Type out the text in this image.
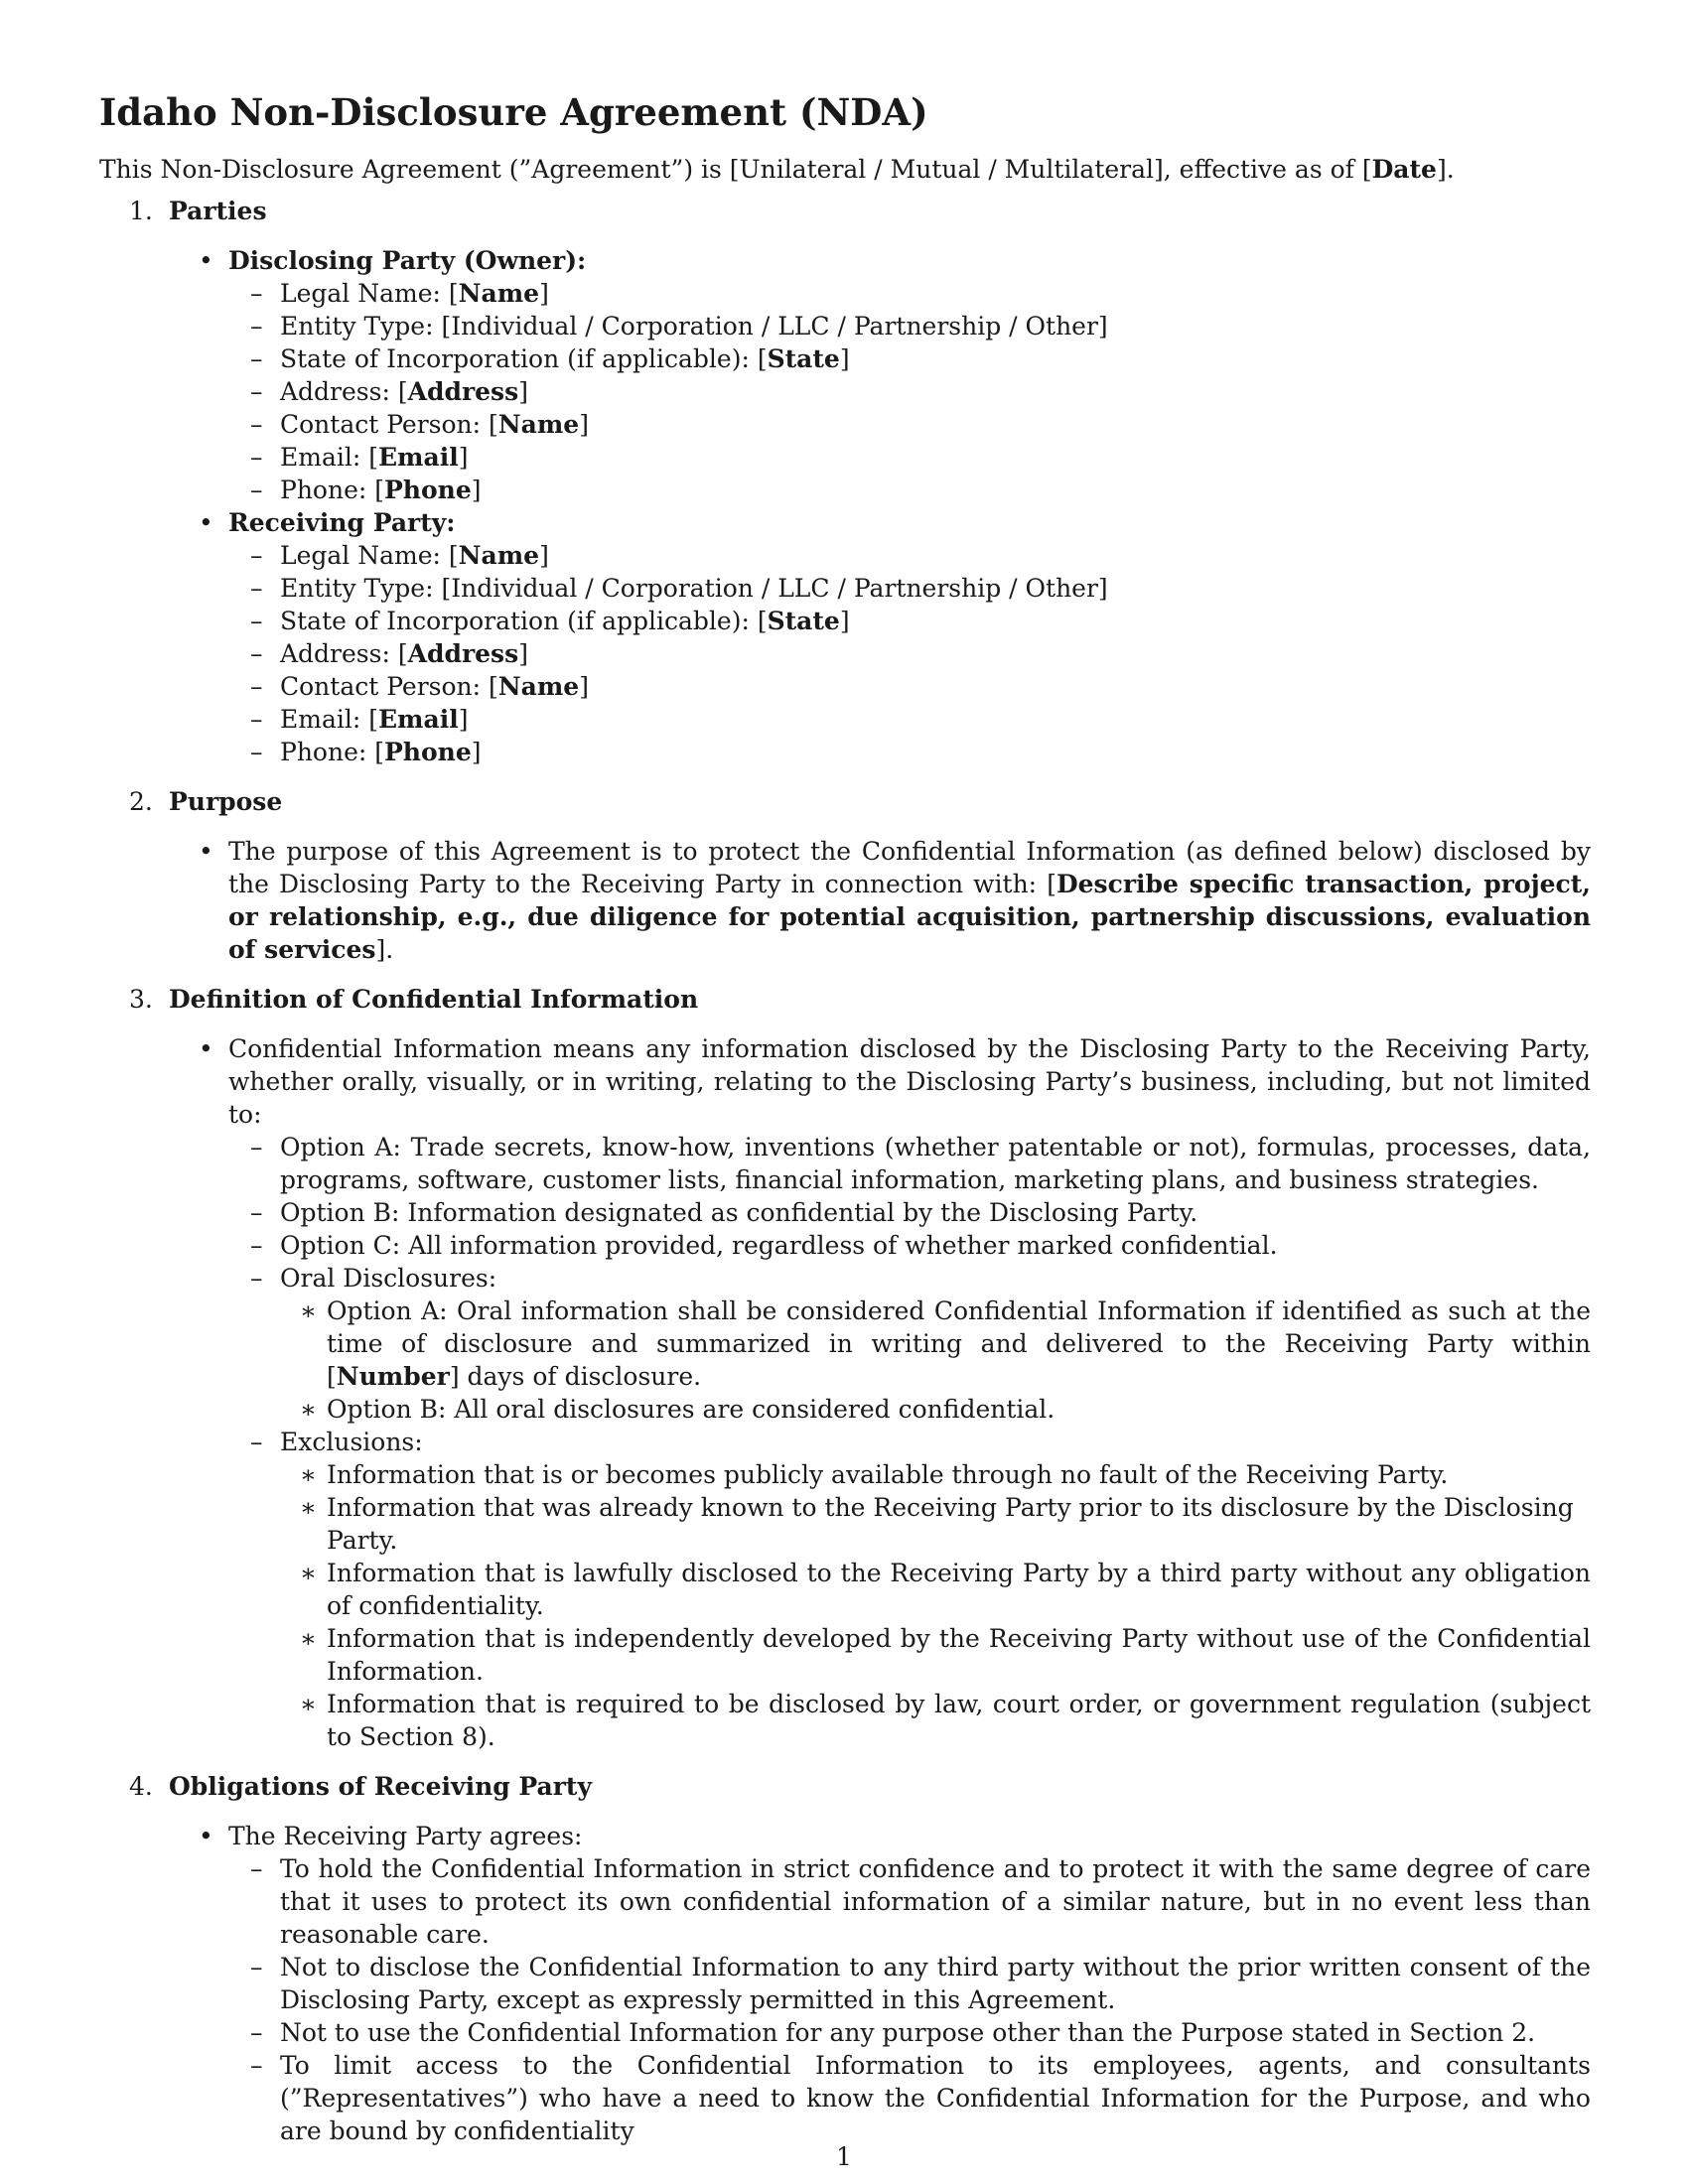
Idaho Non-Disclosure Agreement (NDA)

This Non-Disclosure Agreement (”Agreement”) is [Unilateral / Mutual / Multilateral], effective as of [Date].

1. Parties
• Disclosing Party (Owner):
– Legal Name: [Name]
– Entity Type: [Individual / Corporation / LLC / Partnership / Other]
– State of Incorporation (if applicable): [State]
– Address: [Address]
– Contact Person: [Name]
– Email: [Email]
– Phone: [Phone]
• Receiving Party:
– Legal Name: [Name]
– Entity Type: [Individual / Corporation / LLC / Partnership / Other]
– State of Incorporation (if applicable): [State]
– Address: [Address]
– Contact Person: [Name]
– Email: [Email]
– Phone: [Phone]
2. Purpose
• The purpose of this Agreement is to protect the Confidential Information (as defined below) disclosed by the Disclosing Party to the Receiving Party in connection with: [Describe specific transaction, project, or relationship, e.g., due diligence for potential acquisition, partnership discussions, evaluation of services].
3. Definition of Confidential Information
• Confidential Information means any information disclosed by the Disclosing Party to the Receiving Party, whether orally, visually, or in writing, relating to the Disclosing Party’s business, including, but not limited to:
– Option A: Trade secrets, know-how, inventions (whether patentable or not), formulas, processes, data, programs, software, customer lists, financial information, marketing plans, and business strategies.
– Option B: Information designated as confidential by the Disclosing Party.
– Option C: All information provided, regardless of whether marked confidential.
– Oral Disclosures:
∗ Option A: Oral information shall be considered Confidential Information if identified as such at the time of disclosure and summarized in writing and delivered to the Receiving Party within [Number] days of disclosure.
∗ Option B: All oral disclosures are considered confidential.
– Exclusions:
∗ Information that is or becomes publicly available through no fault of the Receiving Party.
∗ Information that was already known to the Receiving Party prior to its disclosure by the Disclosing Party.
∗ Information that is lawfully disclosed to the Receiving Party by a third party without any obligation of confidentiality.
∗ Information that is independently developed by the Receiving Party without use of the Confidential Information.
∗ Information that is required to be disclosed by law, court order, or government regulation (subject to Section 8).
4. Obligations of Receiving Party
• The Receiving Party agrees:
– To hold the Confidential Information in strict confidence and to protect it with the same degree of care that it uses to protect its own confidential information of a similar nature, but in no event less than reasonable care.
– Not to disclose the Confidential Information to any third party without the prior written consent of the Disclosing Party, except as expressly permitted in this Agreement.
– Not to use the Confidential Information for any purpose other than the Purpose stated in Section 2.
– To limit access to the Confidential Information to its employees, agents, and consultants (”Representatives”) who have a need to know the Confidential Information for the Purpose, and who are bound by confidentiality
1
